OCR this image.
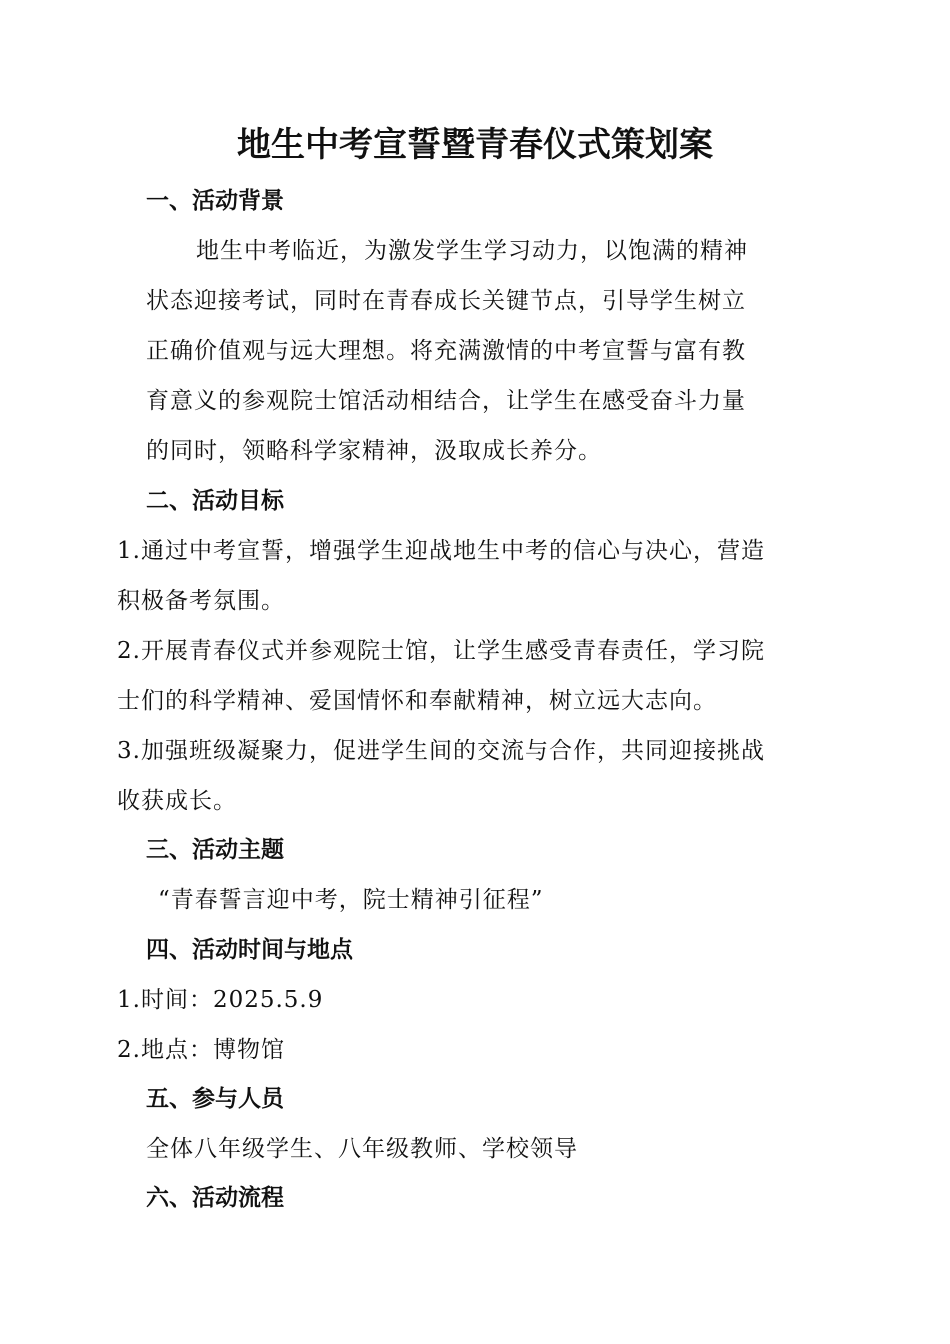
地生中考宣誓暨青春仪式策划案
一、活动背景
地生中考临近，为激发学生学习动力，以饱满的精神
状态迎接考试，同时在青春成长关键节点，引导学生树立
正确价值观与远大理想。将充满激情的中考宣誓与富有教
育意义的参观院士馆活动相结合，让学生在感受奋斗力量
的同时，领略科学家精神，汲取成长养分。
二、活动目标
1.通过中考宣誓，增强学生迎战地生中考的信心与决心，营造
积极备考氛围。
2.开展青春仪式并参观院士馆，让学生感受青春责任，学习院
士们的科学精神、爱国情怀和奉献精神，树立远大志向。
3.加强班级凝聚力，促进学生间的交流与合作，共同迎接挑战
收获成长。
三、活动主题
“青春誓言迎中考，院士精神引征程”
四、活动时间与地点
1.时间：2025.5.9
2.地点：博物馆
五、参与人员
全体八年级学生、八年级教师、学校领导
六、活动流程
